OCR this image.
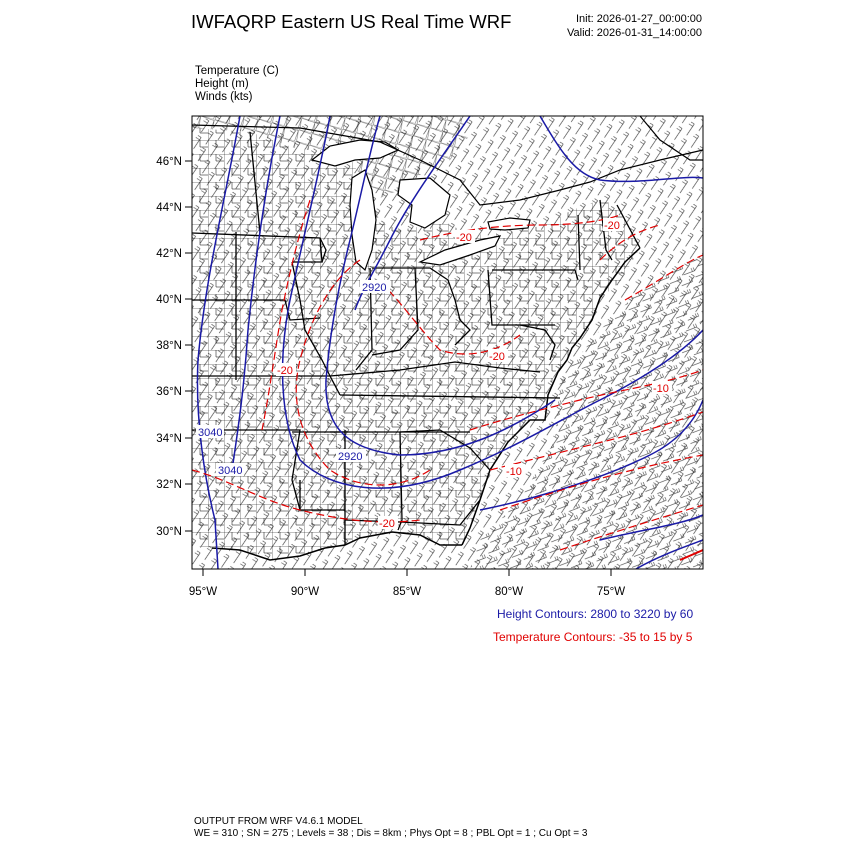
IWFAQRP Eastern US Real Time WRF	Init: 2026-01-27_00:00:00
Valid: 2026-01-31_14:00:00
Temperature (C)
Height (m)
Winds (kts)
46°N
44°N
42°N
40°N
38°N
36°N
34°N
32°N
30°N
95°W	90°W	85°W	80°W	75°W
3040
3040
2920
2920
-20
-20
-20
-20
-20
-10
-10
Height Contours: 2800 to 3220 by 60
Temperature Contours: -35 to 15 by 5
OUTPUT FROM WRF V4.6.1 MODEL
WE = 310 ; SN = 275 ; Levels = 38 ; Dis = 8km ; Phys Opt = 8 ; PBL Opt = 1 ; Cu Opt = 3
